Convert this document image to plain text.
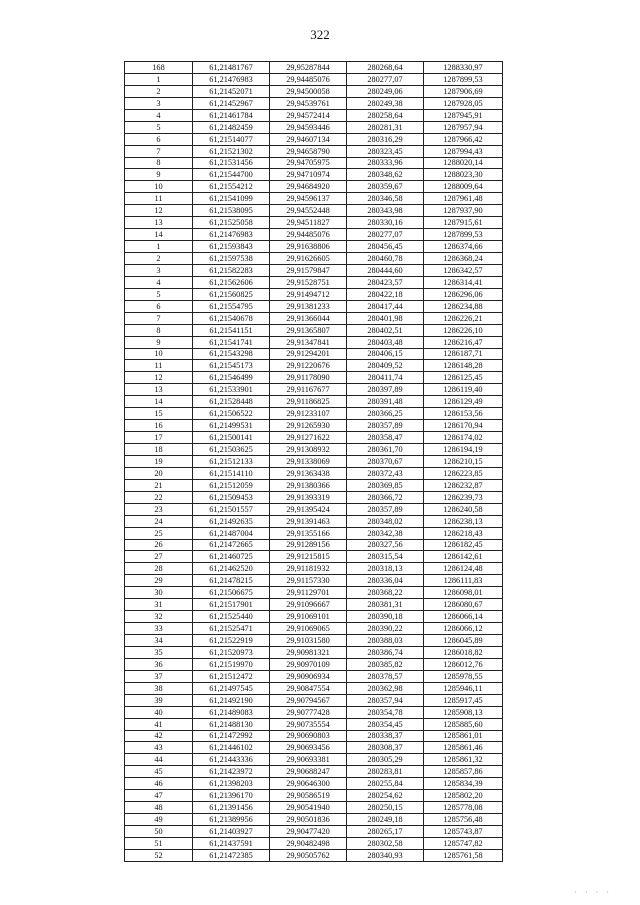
322
168	61,21481767	29,95287844	280268,64	1288330,97
1	61,21476983	29,94485076	280277,07	1287899,53
2	61,21452071	29,94500058	280249,06	1287906,69
3	61,21452967	29,94539761	280249,38	1287928,05
4	61,21461784	29,94572414	280258,64	1287945,91
5	61,21482459	29,94593446	280281,31	1287957,94
6	61,21514077	29,94607134	280316,29	1287966,42
7	61,21521302	29,94658790	280323,45	1287994,43
8	61,21531456	29,94705975	280333,96	1288020,14
9	61,21544700	29,94710974	280348,62	1288023,30
10	61,21554212	29,94684920	280359,67	1288009,64
11	61,21541099	29,94596137	280346,58	1287961,48
12	61,21538095	29,94552448	280343,98	1287937,90
13	61,21525058	29,94511827	280330,16	1287915,61
14	61,21476983	29,94485076	280277,07	1287899,53
1	61,21593843	29,91638806	280456,45	1286374,66
2	61,21597538	29,91626605	280460,78	1286368,24
3	61,21582283	29,91579847	280444,60	1286342,57
4	61,21562606	29,91528751	280423,57	1286314,41
5	61,21560825	29,91494712	280422,18	1286296,06
6	61,21554795	29,91381233	280417,44	1286234,88
7	61,21540678	29,91366044	280401,98	1286226,21
8	61,21541151	29,91365807	280402,51	1286226,10
9	61,21541741	29,91347841	280403,48	1286216,47
10	61,21543298	29,91294201	280406,15	1286187,71
11	61,21545173	29,91220676	280409,52	1286148,28
12	61,21546499	29,91178090	280411,74	1286125,45
13	61,21533901	29,91167677	280397,89	1286119,40
14	61,21528448	29,91186825	280391,48	1286129,49
15	61,21506522	29,91233107	280366,25	1286153,56
16	61,21499531	29,91265930	280357,89	1286170,94
17	61,21500141	29,91271622	280358,47	1286174,02
18	61,21503625	29,91308932	280361,70	1286194,19
19	61,21512133	29,91338069	280370,67	1286210,15
20	61,21514110	29,91363438	280372,43	1286223,85
21	61,21512059	29,91380366	280369,85	1286232,87
22	61,21509453	29,91393319	280366,72	1286239,73
23	61,21501557	29,91395424	280357,89	1286240,58
24	61,21492635	29,91391463	280348,02	1286238,13
25	61,21487004	29,91355166	280342,38	1286218,43
26	61,21472665	29,91289156	280327,56	1286182,45
27	61,21460725	29,91215815	280315,54	1286142,61
28	61,21462520	29,91181932	280318,13	1286124,48
29	61,21478215	29,91157330	280336,04	1286111,83
30	61,21506675	29,91129701	280368,22	1286098,01
31	61,21517901	29,91096667	280381,31	1286080,67
32	61,21525440	29,91069101	280390,18	1286066,14
33	61,21525471	29,91069065	280390,22	1286066,12
34	61,21522919	29,91031580	280388,03	1286045,89
35	61,21520973	29,90981321	280386,74	1286018,82
36	61,21519970	29,90970109	280385,82	1286012,76
37	61,21512472	29,90906934	280378,57	1285978,55
38	61,21497545	29,90847554	280362,98	1285946,11
39	61,21492190	29,90794567	280357,94	1285917,45
40	61,21489083	29,90777428	280354,78	1285908,13
41	61,21488130	29,90735554	280354,45	1285885,60
42	61,21472992	29,90690803	280338,37	1285861,01
43	61,21446102	29,90693456	280308,37	1285861,46
44	61,21443336	29,90693381	280305,29	1285861,32
45	61,21423972	29,90688247	280283,81	1285857,86
46	61,21398203	29,90646300	280255,84	1285834,39
47	61,21396170	29,90586519	280254,62	1285802,20
48	61,21391456	29,90541940	280250,15	1285778,08
49	61,21389956	29,90501836	280249,18	1285756,48
50	61,21403927	29,90477420	280265,17	1285743,87
51	61,21437591	29,90482498	280302,58	1285747,82
52	61,21472385	29,90505762	280340,93	1285761,58
· · · ·
